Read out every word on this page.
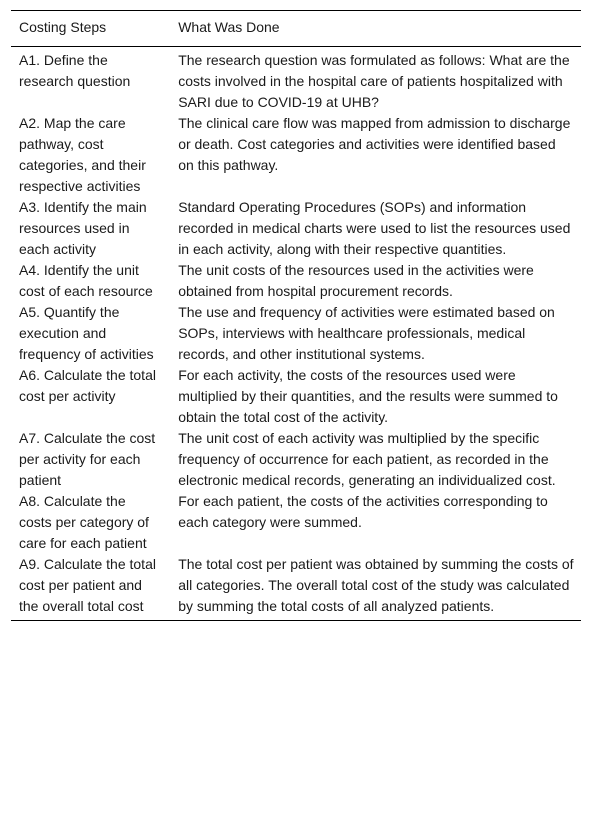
Costing Steps	What Was Done
A1. Define the research question	The research question was formulated as follows: What are the costs involved in the hospital care of patients hospitalized with SARI due to COVID-19 at UHB?
A2. Map the care pathway, cost categories, and their respective activities	The clinical care flow was mapped from admission to discharge or death. Cost categories and activities were identified based on this pathway.
A3. Identify the main resources used in each activity	Standard Operating Procedures (SOPs) and information recorded in medical charts were used to list the resources used in each activity, along with their respective quantities.
A4. Identify the unit cost of each resource	The unit costs of the resources used in the activities were obtained from hospital procurement records.
A5. Quantify the execution and frequency of activities	The use and frequency of activities were estimated based on SOPs, interviews with healthcare professionals, medical records, and other institutional systems.
A6. Calculate the total cost per activity	For each activity, the costs of the resources used were multiplied by their quantities, and the results were summed to obtain the total cost of the activity.
A7. Calculate the cost per activity for each patient	The unit cost of each activity was multiplied by the specific frequency of occurrence for each patient, as recorded in the electronic medical records, generating an individualized cost.
A8. Calculate the costs per category of care for each patient	For each patient, the costs of the activities corresponding to each category were summed.
A9. Calculate the total cost per patient and the overall total cost	The total cost per patient was obtained by summing the costs of all categories. The overall total cost of the study was calculated by summing the total costs of all analyzed patients.
